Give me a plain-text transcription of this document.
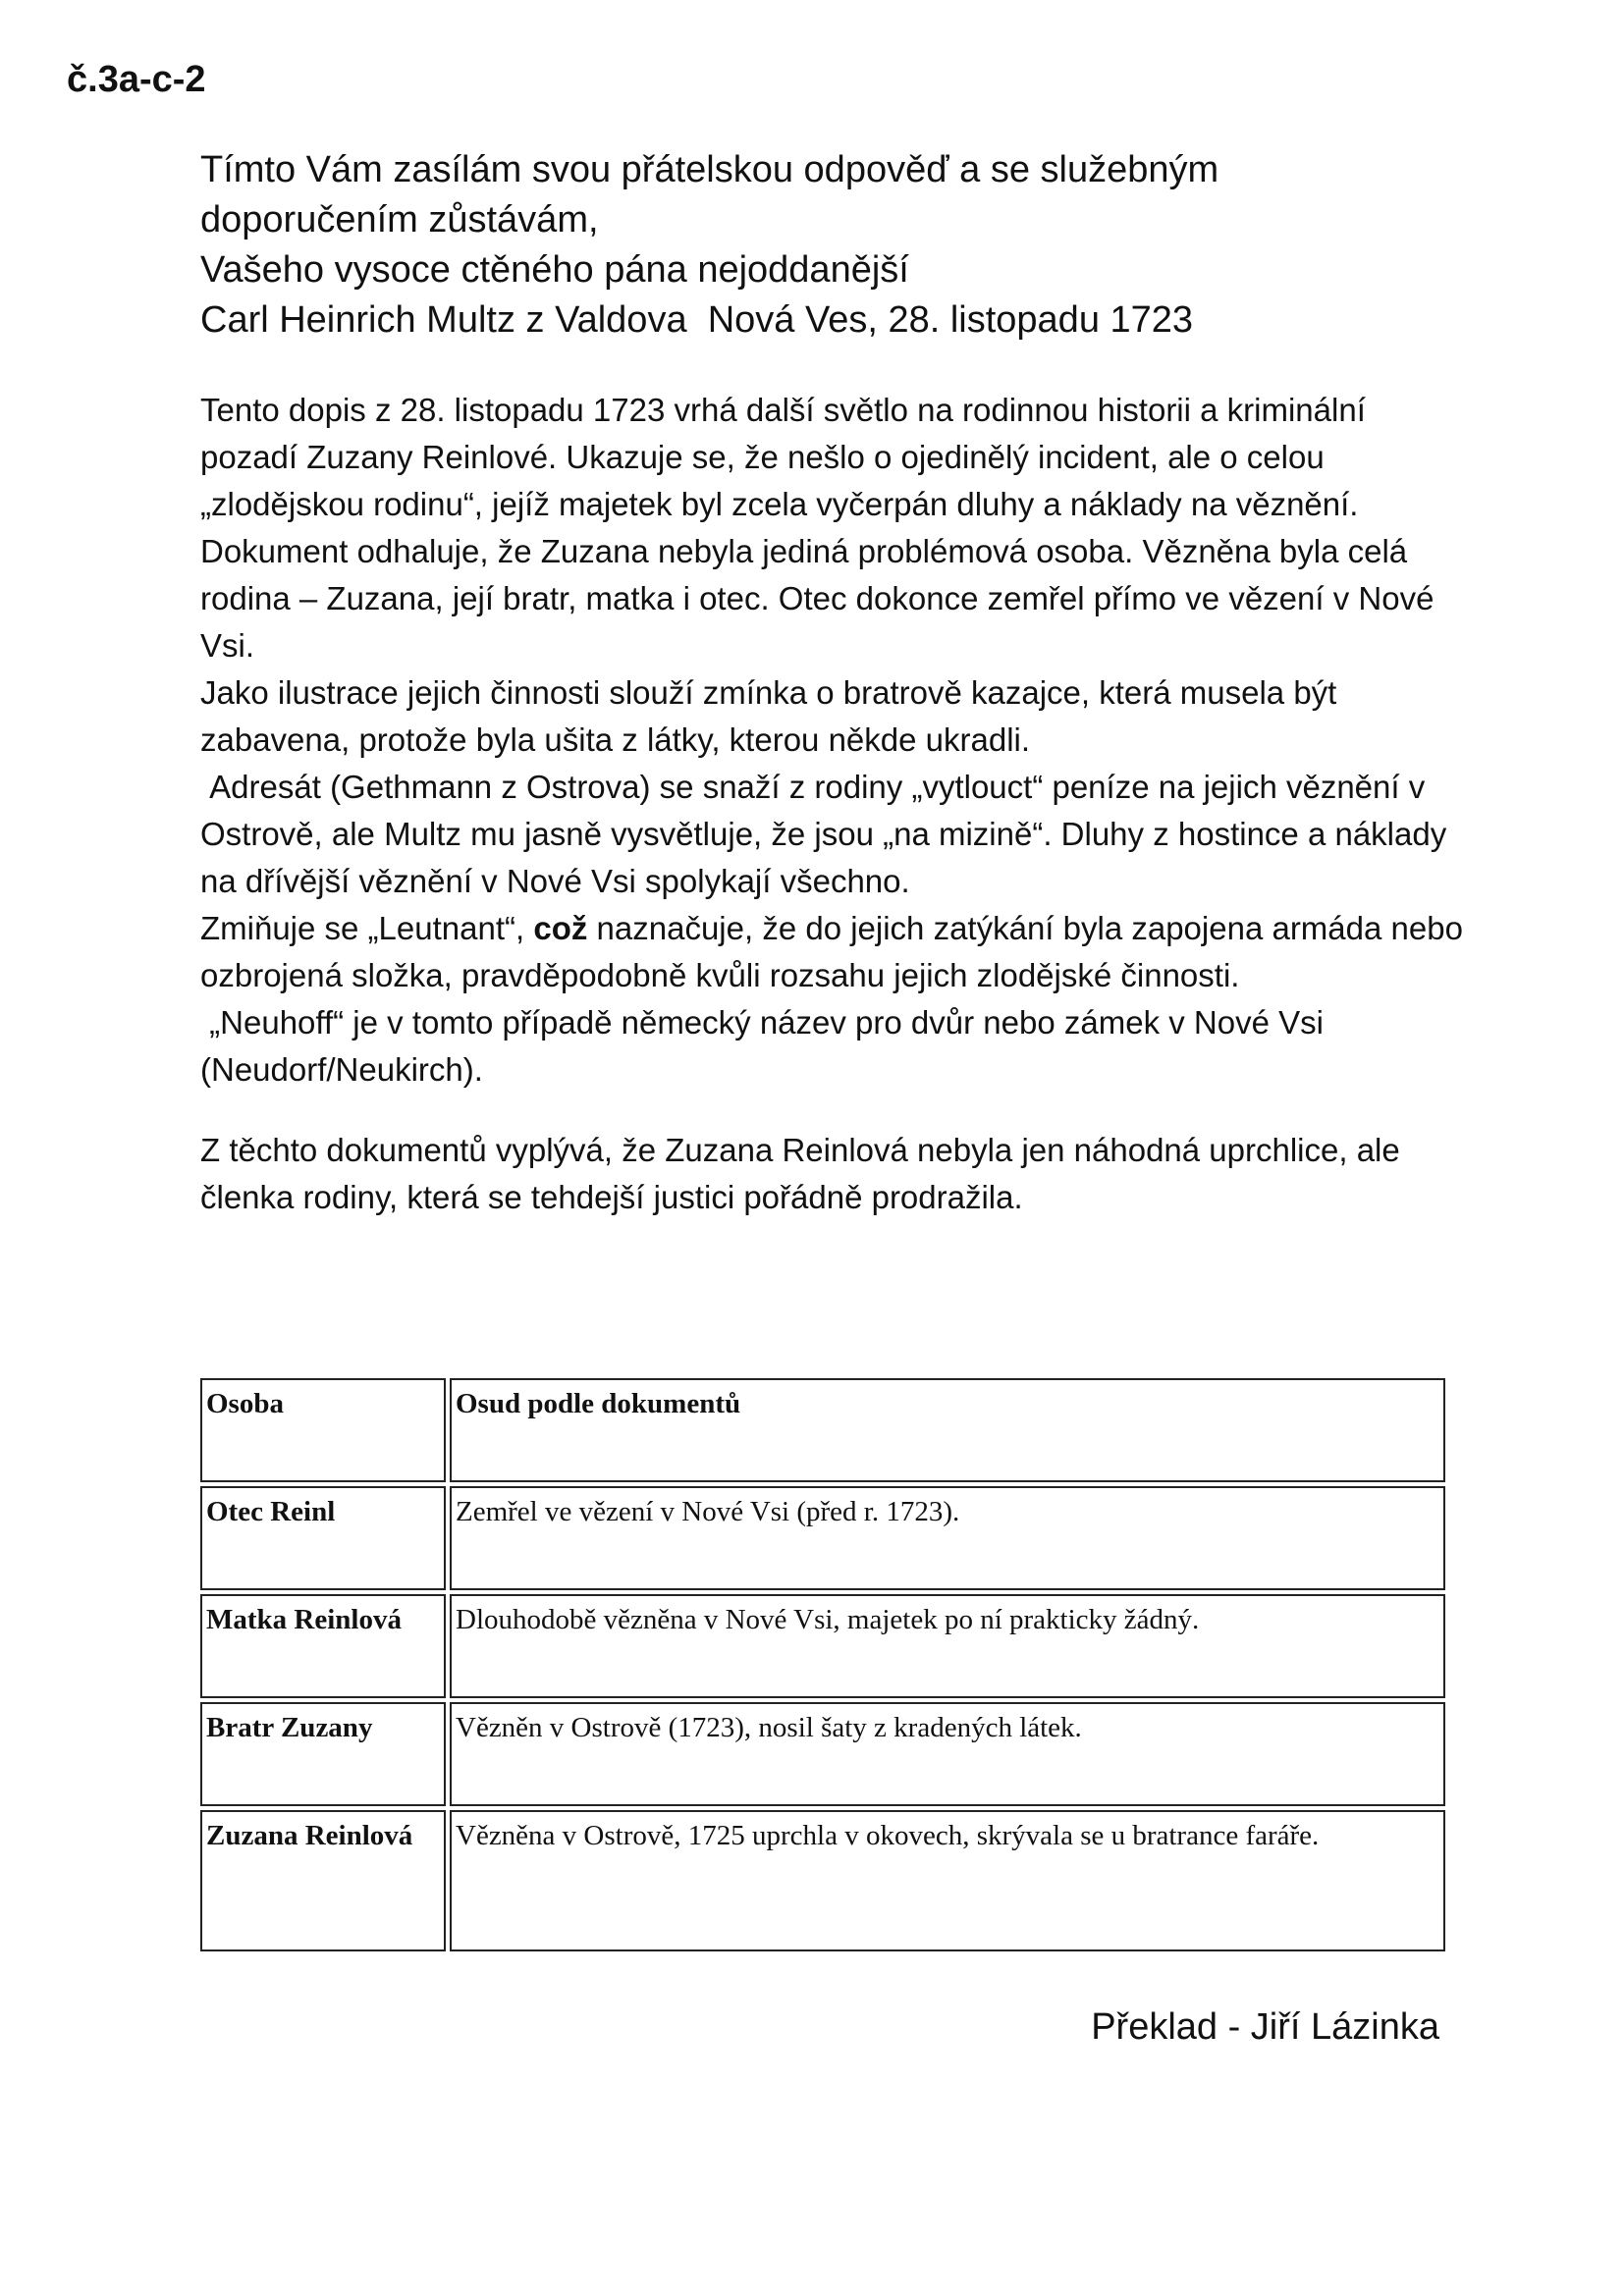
č.3a-c-2
Tímto Vám zasílám svou přátelskou odpověď a se služebným
doporučením zůstávám,
Vašeho vysoce ctěného pána nejoddanější
Carl Heinrich Multz z Valdova  Nová Ves, 28. listopadu 1723

Tento dopis z 28. listopadu 1723 vrhá další světlo na rodinnou historii a kriminální pozadí Zuzany Reinlové. Ukazuje se, že nešlo o ojedinělý incident, ale o celou „zlodějskou rodinu“, jejíž majetek byl zcela vyčerpán dluhy a náklady na věznění.

Dokument odhaluje, že Zuzana nebyla jediná problémová osoba. Vězněna byla celá rodina – Zuzana, její bratr, matka i otec. Otec dokonce zemřel přímo ve vězení v Nové Vsi.

Jako ilustrace jejich činnosti slouží zmínka o bratrově kazajce, která musela být zabavena, protože byla ušita z látky, kterou někde ukradli.

Adresát (Gethmann z Ostrova) se snaží z rodiny „vytlouct“ peníze na jejich věznění v Ostrově, ale Multz mu jasně vysvětluje, že jsou „na mizině“. Dluhy z hostince a náklady na dřívější věznění v Nové Vsi spolykají všechno.

Zmiňuje se „Leutnant“, což naznačuje, že do jejich zatýkání byla zapojena armáda nebo ozbrojená složka, pravděpodobně kvůli rozsahu jejich zlodějské činnosti.

„Neuhoff“ je v tomto případě německý název pro dvůr nebo zámek v Nové Vsi (Neudorf/Neukirch).

Z těchto dokumentů vyplývá, že Zuzana Reinlová nebyla jen náhodná uprchlice, ale členka rodiny, která se tehdejší justici pořádně prodražila.

Osoba	Osud podle dokumentů
Otec Reinl	Zemřel ve vězení v Nové Vsi (před r. 1723).
Matka Reinlová	Dlouhodobě vězněna v Nové Vsi, majetek po ní prakticky žádný.
Bratr Zuzany	Vězněn v Ostrově (1723), nosil šaty z kradených látek.
Zuzana Reinlová	Vězněna v Ostrově, 1725 uprchla v okovech, skrývala se u bratrance faráře.

Překlad - Jiří Lázinka
